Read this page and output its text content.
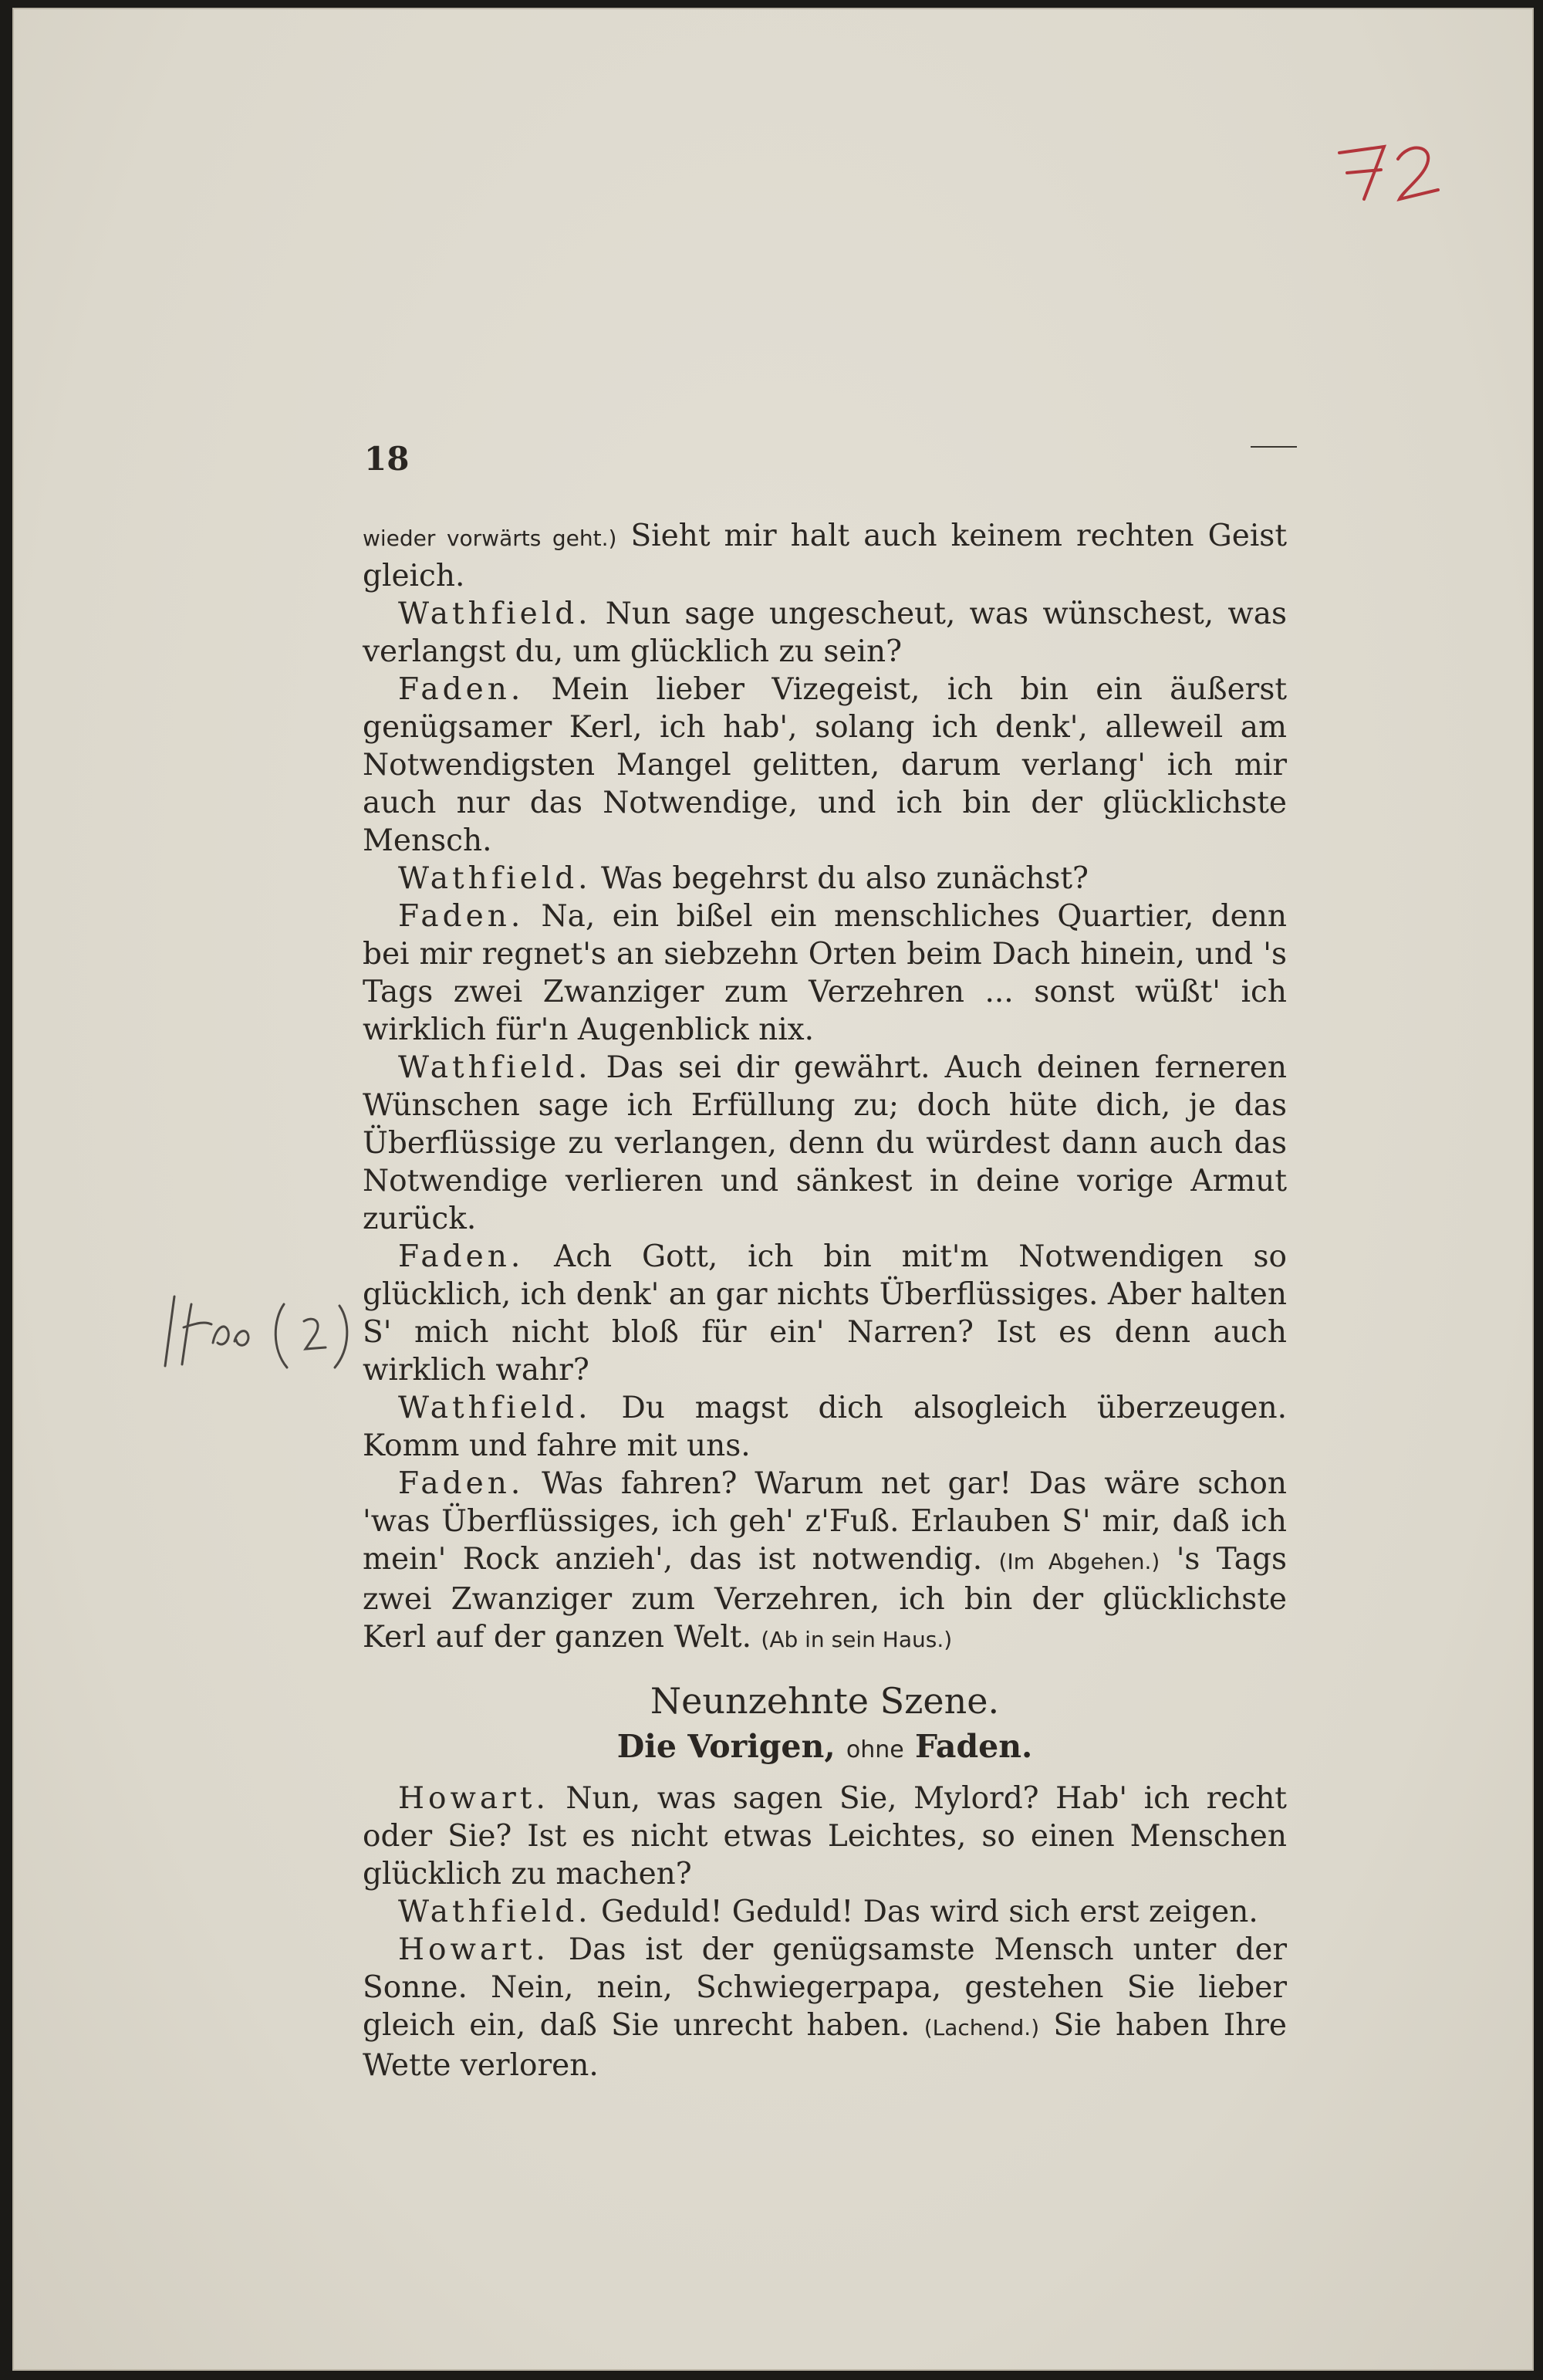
18

wieder vorwärts geht.) Sieht mir halt auch keinem rechten Geist gleich.

Wathfield. Nun sage ungescheut, was wünschest, was verlangst du, um glücklich zu sein?

Faden. Mein lieber Vizegeist, ich bin ein äußerst genügsamer Kerl, ich hab', solang ich denk', alleweil am Notwendigsten Mangel gelitten, darum verlang' ich mir auch nur das Notwendige, und ich bin der glücklichste Mensch.

Wathfield. Was begehrst du also zunächst?

Faden. Na, ein bißel ein menschliches Quartier, denn bei mir regnet's an siebzehn Orten beim Dach hinein, und 's Tags zwei Zwanziger zum Verzehren ... sonst wüßt' ich wirklich für'n Augenblick nix.

Wathfield. Das sei dir gewährt. Auch deinen ferneren Wünschen sage ich Erfüllung zu; doch hüte dich, je das Überflüssige zu verlangen, denn du würdest dann auch das Notwendige verlieren und sänkest in deine vorige Armut zurück.

Faden. Ach Gott, ich bin mit'm Notwendigen so glücklich, ich denk' an gar nichts Überflüssiges. Aber halten S' mich nicht bloß für ein' Narren? Ist es denn auch wirklich wahr?

Wathfield. Du magst dich alsogleich überzeugen. Komm und fahre mit uns.

Faden. Was fahren? Warum net gar! Das wäre schon 'was Überflüssiges, ich geh' z'Fuß. Erlauben S' mir, daß ich mein' Rock anzieh', das ist notwendig. (Im Abgehen.) 's Tags zwei Zwanziger zum Verzehren, ich bin der glücklichste Kerl auf der ganzen Welt. (Ab in sein Haus.)

Neunzehnte Szene.
Die Vorigen, ohne Faden.

Howart. Nun, was sagen Sie, Mylord? Hab' ich recht oder Sie? Ist es nicht etwas Leichtes, so einen Menschen glücklich zu machen?

Wathfield. Geduld! Geduld! Das wird sich erst zeigen.

Howart. Das ist der genügsamste Mensch unter der Sonne. Nein, nein, Schwiegerpapa, gestehen Sie lieber gleich ein, daß Sie unrecht haben. (Lachend.) Sie haben Ihre Wette verloren.
